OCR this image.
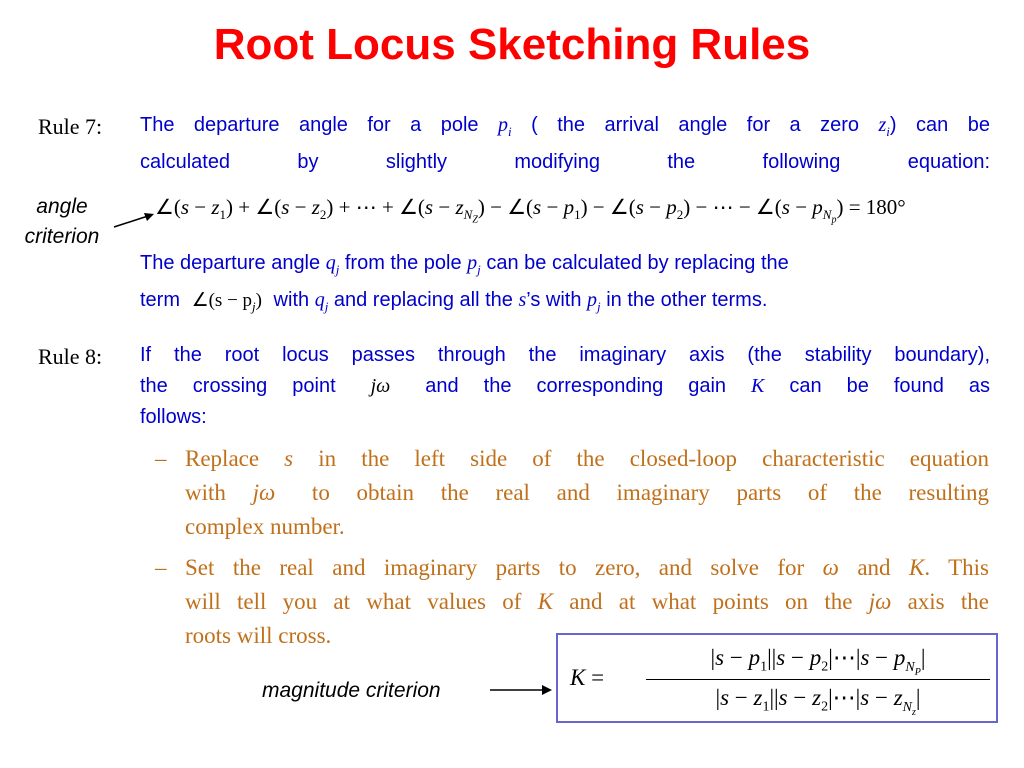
Root Locus Sketching Rules
Rule 7: The departure angle for a pole $p_i$ ( the arrival angle for a zero $z_i$) can be
calculated by slightly modifying the following equation:
angle
criterion
∠(s − $z_1$) + ∠(s − $z_2$) + ⋯ + ∠(s − $z_{N_Z}$) − ∠(s − $p_1$) − ∠(s − $p_2$) − ⋯ − ∠(s − $p_{N_p}) = 180^\circ$
The departure angle $q_j$ from the pole $p_j$ can be calculated by replacing the
term ∠(s − $p_j$) with $q_j$ and replacing all the s’s with $p_j$ in the other terms.
Rule 8: If the root locus passes through the imaginary axis (the stability boundary),
the crossing point jω and the corresponding gain K can be found as
follows:
– Replace s in the left side of the closed-loop characteristic equation
with jω to obtain the real and imaginary parts of the resulting
complex number.
– Set the real and imaginary parts to zero, and solve for ω and K. This
will tell you at what values of K and at what points on the jω axis the
roots will cross.
magnitude criterion
K =
$|s - p_1||s$ − $p_2|\cdots|s - p_{N_P}|$
$|s - z_1||s$ − $z_2|\cdots|s - z_{N_z}|$
